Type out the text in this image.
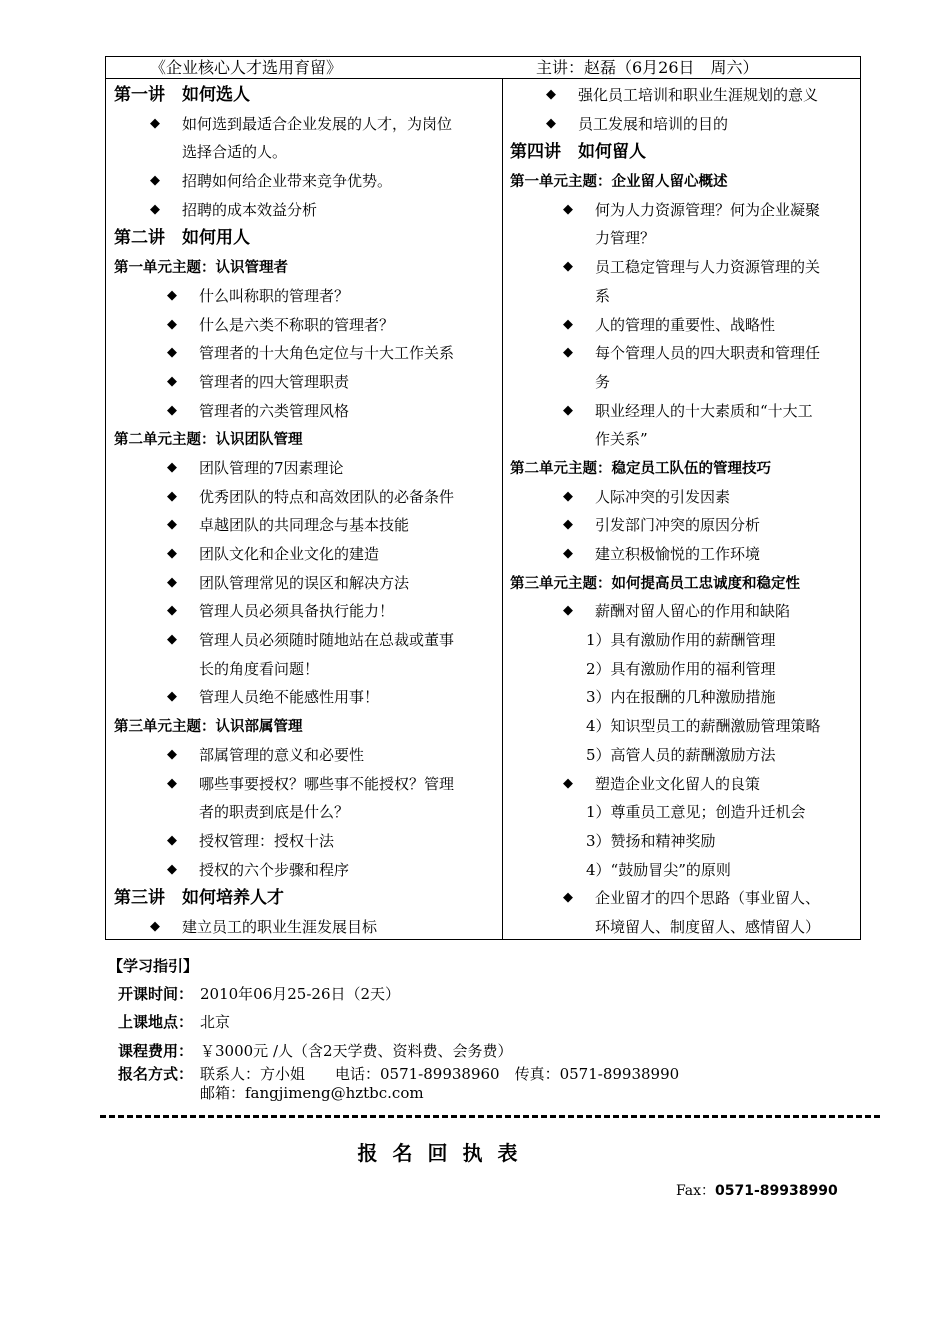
《企业核心人才选用育留》	主讲：赵磊（6月26日　周六）
第一讲　如何选人
◆ 如何选到最适合企业发展的人才，为岗位
选择合适的人。
◆ 招聘如何给企业带来竞争优势。
◆ 招聘的成本效益分析
第二讲　如何用人
第一单元主题：认识管理者
◆ 什么叫称职的管理者？
◆ 什么是六类不称职的管理者？
◆ 管理者的十大角色定位与十大工作关系
◆ 管理者的四大管理职责
◆ 管理者的六类管理风格
第二单元主题：认识团队管理
◆ 团队管理的7因素理论
◆ 优秀团队的特点和高效团队的必备条件
◆ 卓越团队的共同理念与基本技能
◆ 团队文化和企业文化的建造
◆ 团队管理常见的误区和解决方法
◆ 管理人员必须具备执行能力！
◆ 管理人员必须随时随地站在总裁或董事
长的角度看问题！
◆ 管理人员绝不能感性用事！
第三单元主题：认识部属管理
◆ 部属管理的意义和必要性
◆ 哪些事要授权？哪些事不能授权？管理
者的职责到底是什么？
◆ 授权管理：授权十法
◆ 授权的六个步骤和程序
第三讲　如何培养人才
◆ 建立员工的职业生涯发展目标
◆ 强化员工培训和职业生涯规划的意义
◆ 员工发展和培训的目的
第四讲　如何留人
第一单元主题：企业留人留心概述
◆ 何为人力资源管理？何为企业凝聚
力管理？
◆ 员工稳定管理与人力资源管理的关
系
◆ 人的管理的重要性、战略性
◆ 每个管理人员的四大职责和管理任
务
◆ 职业经理人的十大素质和“十大工
作关系”
第二单元主题：稳定员工队伍的管理技巧
◆ 人际冲突的引发因素
◆ 引发部门冲突的原因分析
◆ 建立积极愉悦的工作环境
第三单元主题：如何提高员工忠诚度和稳定性
◆ 薪酬对留人留心的作用和缺陷
1）具有激励作用的薪酬管理
2）具有激励作用的福利管理
3）内在报酬的几种激励措施
4）知识型员工的薪酬激励管理策略
5）高管人员的薪酬激励方法
◆ 塑造企业文化留人的良策
1）尊重员工意见；创造升迁机会
3）赞扬和精神奖励
4）“鼓励冒尖”的原则
◆ 企业留才的四个思路（事业留人、
环境留人、制度留人、感情留人）
【学习指引】
开课时间： 2010年06月25-26日（2天）
上课地点： 北京
课程费用： ￥3000元 /人（含2天学费、资料费、会务费）
报名方式： 联系人：方小姐　　电话：0571-89938960　传真：0571-89938990
邮箱：fangjimeng@hztbc.com
报名回执表
Fax：0571-89938990
